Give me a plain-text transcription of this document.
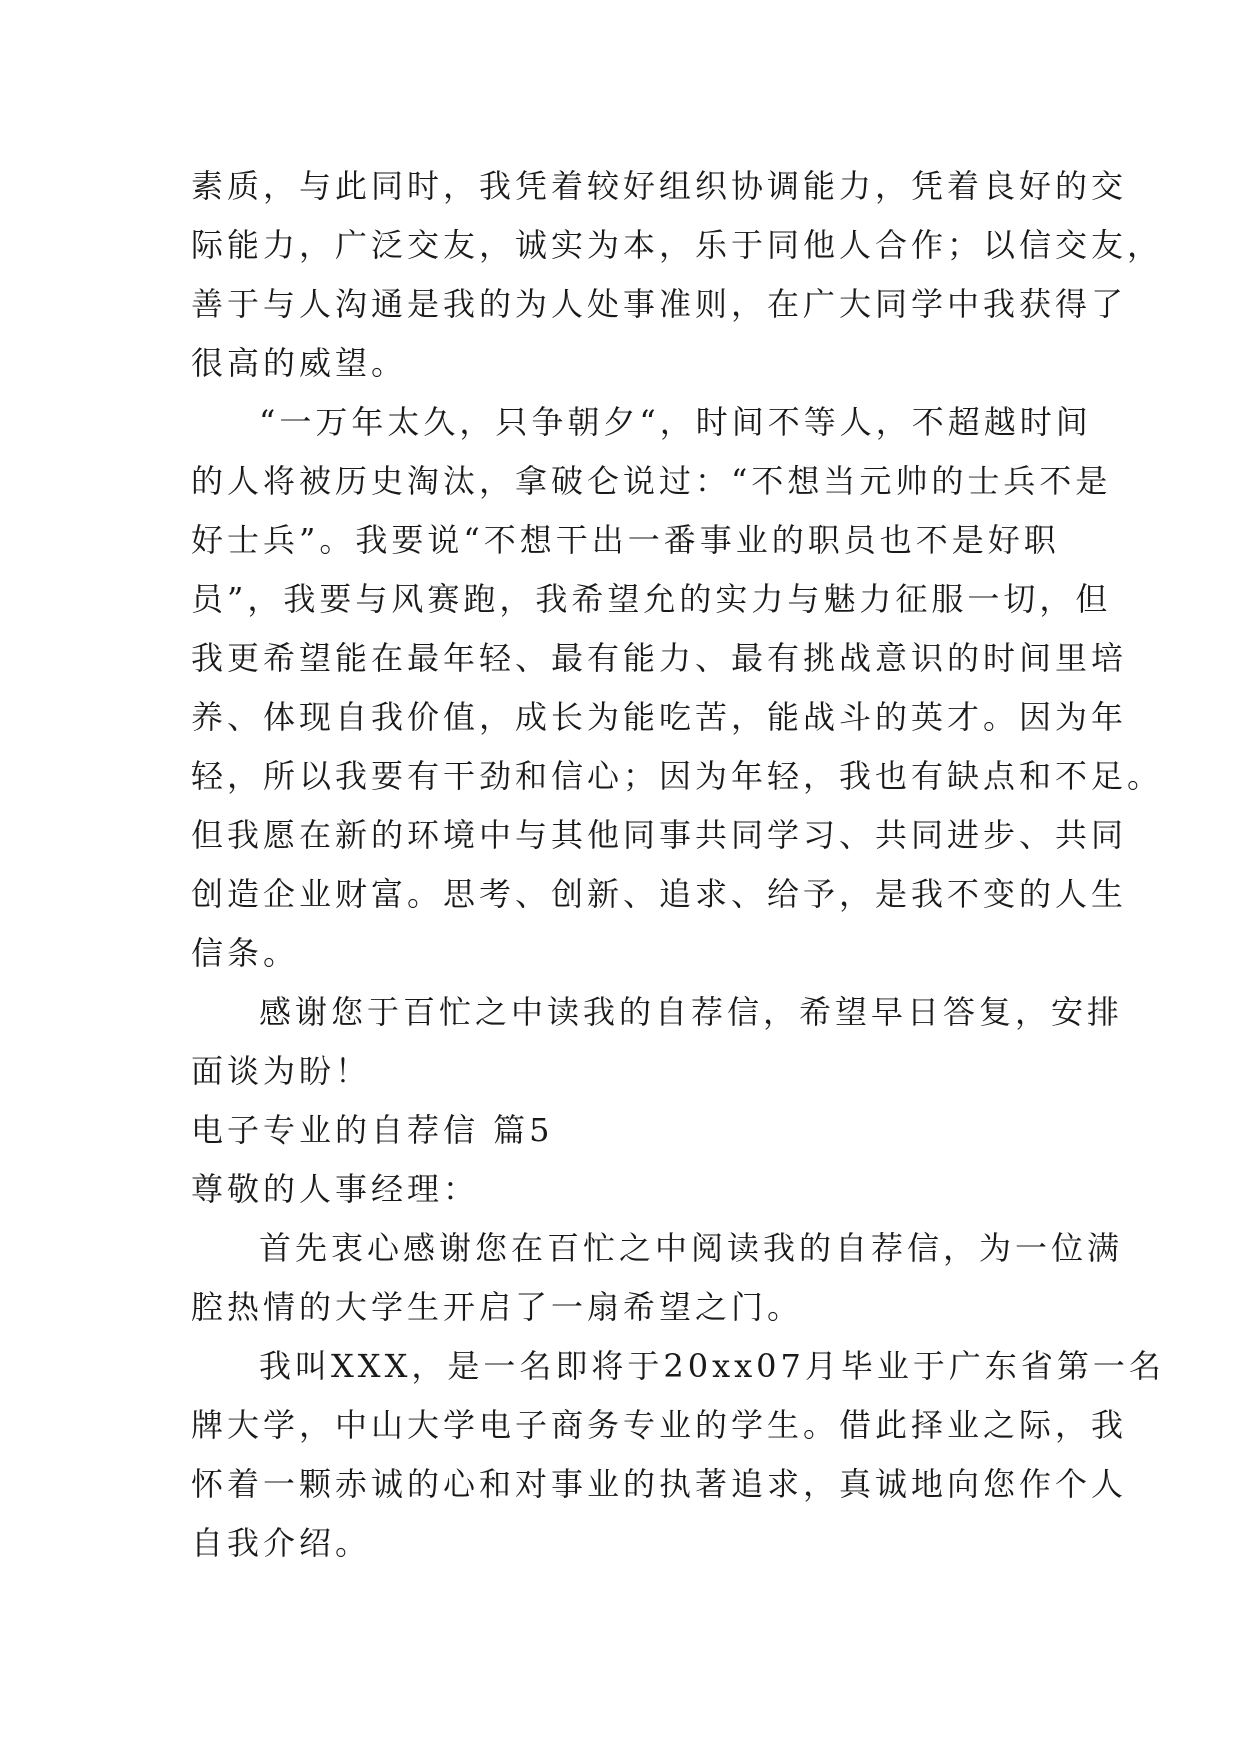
素质，与此同时，我凭着较好组织协调能力，凭着良好的交
际能力，广泛交友，诚实为本，乐于同他人合作；以信交友，
善于与人沟通是我的为人处事准则，在广大同学中我获得了
很高的威望。
“一万年太久，只争朝夕“，时间不等人，不超越时间
的人将被历史淘汰，拿破仑说过：“不想当元帅的士兵不是
好士兵”。我要说“不想干出一番事业的职员也不是好职
员”，我要与风赛跑，我希望允的实力与魅力征服一切，但
我更希望能在最年轻、最有能力、最有挑战意识的时间里培
养、体现自我价值，成长为能吃苦，能战斗的英才。因为年
轻，所以我要有干劲和信心；因为年轻，我也有缺点和不足。
但我愿在新的环境中与其他同事共同学习、共同进步、共同
创造企业财富。思考、创新、追求、给予，是我不变的人生
信条。
感谢您于百忙之中读我的自荐信，希望早日答复，安排
面谈为盼！
电子专业的自荐信 篇5
尊敬的人事经理：
首先衷心感谢您在百忙之中阅读我的自荐信，为一位满
腔热情的大学生开启了一扇希望之门。
我叫XXX，是一名即将于20xx07月毕业于广东省第一名
牌大学，中山大学电子商务专业的学生。借此择业之际，我
怀着一颗赤诚的心和对事业的执著追求，真诚地向您作个人
自我介绍。
